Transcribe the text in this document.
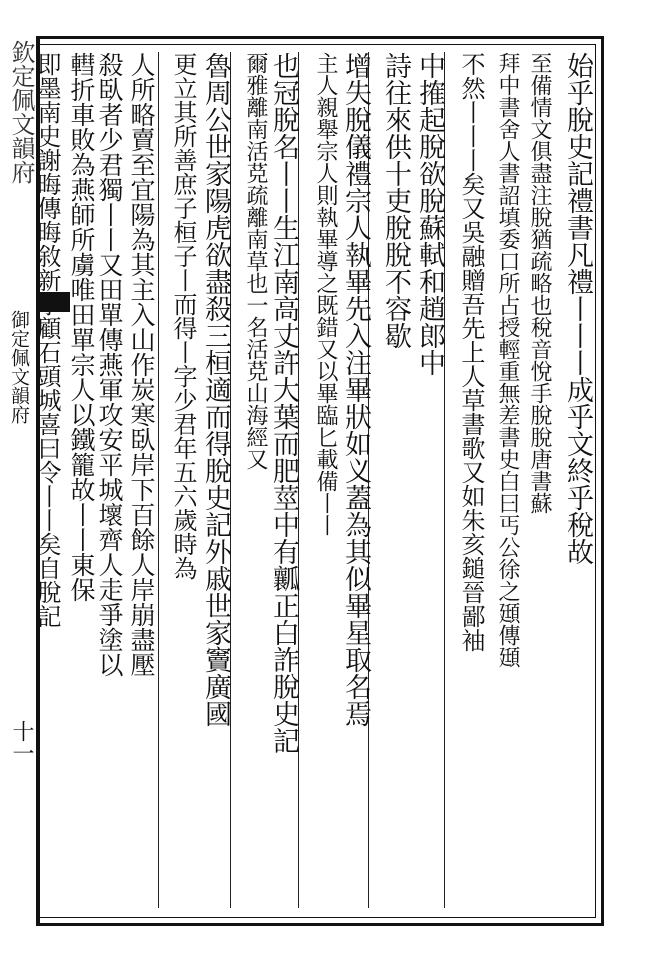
欽定佩文韻府
御定佩文韻府
十一
始乎脫史記禮書凡禮丨丨丨成乎文終乎稅故
至備情文俱盡注脫猶疏略也稅音悅手脫脫唐書蘇
拜中書舍人書詔填委口所占授輕重無差書史白曰丐公徐之頲傳頲
不然丨丨丨矣又吳融贈吾先上人草書歌又如朱亥鎚晉鄙袖
中搉起脫欲脫蘇軾和趙郎中
詩往來供十吏脫脫不容歇
增失脫儀禮宗人執畢先入注畢狀如义蓋為其似畢星取名焉
主人親舉宗人則執畢導之既錯又以畢臨匕載備丨丨
也冠脫名丨丨生江南高丈許大葉而肥莖中有瓤正白詐脫史記
爾雅離南活莌疏離南草也一名活莌山海經又
魯周公世家陽虎欲盡殺三桓適而得脫史記外戚世家竇廣國
更立其所善庶子桓子丨而得丨字少君年五六歲時為
人所略賣至宜陽為其主入山作炭寒臥岸下百餘人岸崩盡壓
殺臥者少君獨丨丨又田單傳燕軍攻安平城壞齊人走爭塗以
轊折車敗為燕師所虜唯田單宗人以鐵籠故丨丨東保
即墨南史謝晦傳晦敘新亭顧石頭城喜曰令丨丨矣自脫記
